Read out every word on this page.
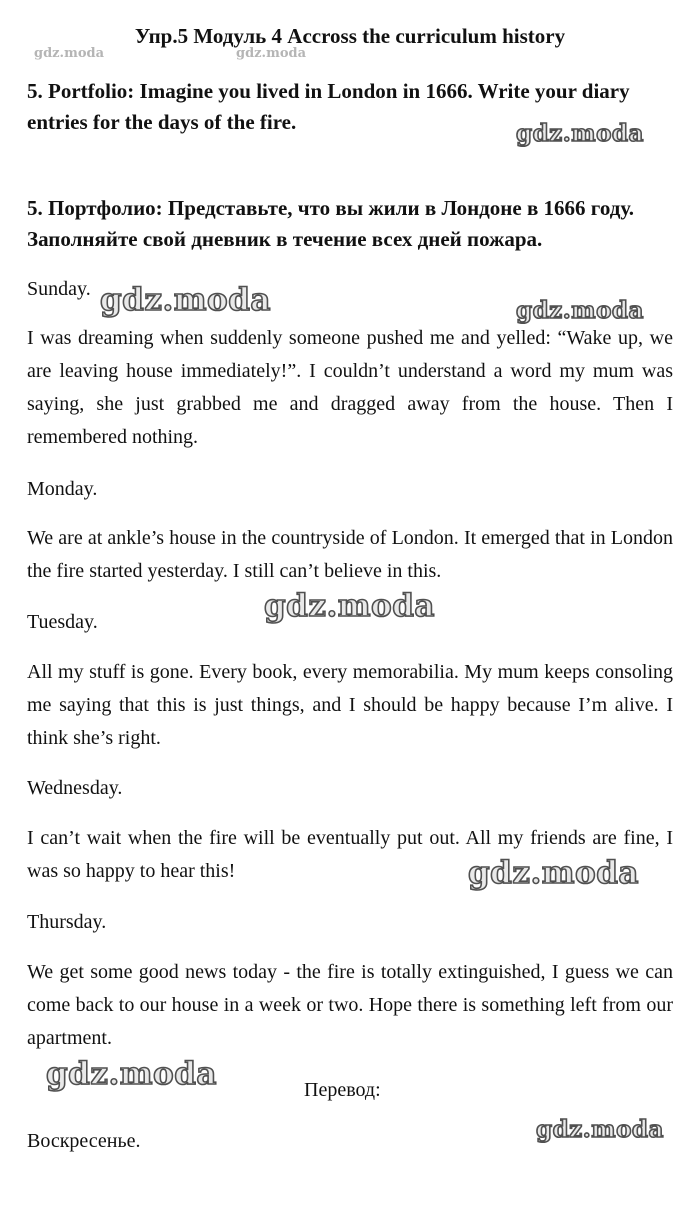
Упр.5 Модуль 4 Accross the curriculum history

5. Portfolio: Imagine you lived in London in 1666. Write your diary entries for the days of the fire.

5. Портфолио: Представьте, что вы жили в Лондоне в 1666 году. Заполняйте свой дневник в течение всех дней пожара.

Sunday.

I was dreaming when suddenly someone pushed me and yelled: “Wake up, we are leaving house immediately!”. I couldn’t understand a word my mum was saying, she just grabbed me and dragged away from the house. Then I remembered nothing.

Monday.

We are at ankle’s house in the countryside of London. It emerged that in London the fire started yesterday. I still can’t believe in this.

Tuesday.

All my stuff is gone. Every book, every memorabilia. My mum keeps consoling me saying that this is just things, and I should be happy because I’m alive. I think she’s right.

Wednesday.

I can’t wait when the fire will be eventually put out. All my friends are fine, I was so happy to hear this!

Thursday.

We get some good news today - the fire is totally extinguished, I guess we can come back to our house in a week or two. Hope there is something left from our apartment.

Перевод:

Воскресенье.

gdz.moda	gdz.moda
gdz.moda
gdz.moda	gdz.moda
gdz.moda
gdz.moda
gdz.moda
gdz.moda
